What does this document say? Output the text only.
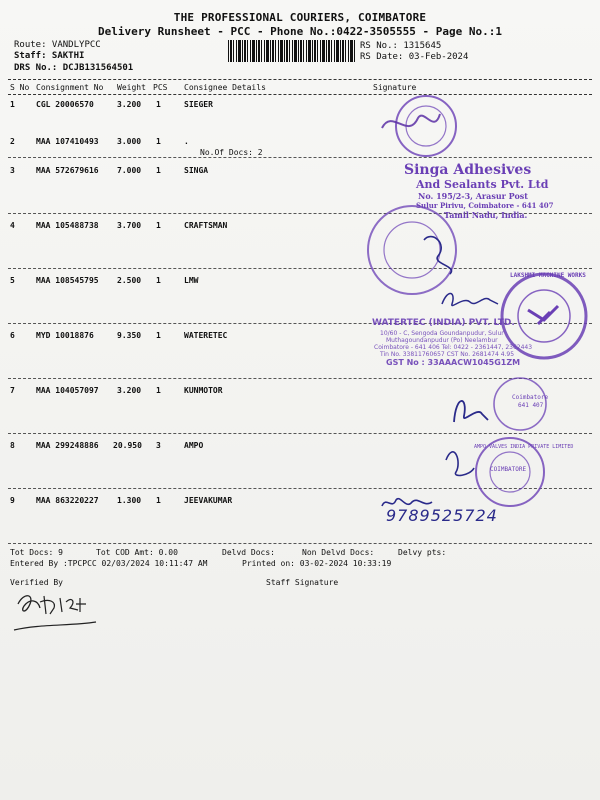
THE PROFESSIONAL COURIERS, COIMBATORE
Delivery Runsheet - PCC - Phone No.:0422-3505555 - Page No.:1
Route: VANDLYPCC
Staff: SAKTHI
DRS No.: DCJB131564501
RS No.: 1315645
RS Date: 03-Feb-2024
S No Consignment No Weight PCS Consignee Details	Signature
1	CGL 20006570	3.200 1	SIEGER
2	MAA 107410493 3.000 1	.
No.Of Docs: 2
3	MAA 572679616 7.000 1	SINGA
4	MAA 105488738 3.700 1	CRAFTSMAN
5	MAA 108545795 2.500 1	LMW
6	MYD 10018876	9.350 1	WATERETEC
7	MAA 104057097 3.200 1	KUNMOTOR
8	MAA 299248886 20.950 3	AMPO
9	MAA 863220227 1.300 1	JEEVAKUMAR
Tot Docs: 9	Tot COD Amt: 0.00	Delvd Docs:	Non Delvd Docs:	Delvy pts:
Entered By :TPCPCC 02/03/2024 10:11:47 AM	Printed on: 03-02-2024 10:33:19
Verified By	Staff Signature
Singa Adhesives
And Sealants Pvt. Ltd
No. 195/2-3, Arasur Post
Sulur Pirivu, Coimbatore - 641 407
Tamil Nadu, India.
LAKSHMI MACHINE WORKS
WATERTEC (INDIA) PVT. LTD.
10/60 - C, Sengoda Goundanpudur, Sulur
Muthagoundanpudur (Po) Neelambur
Coimbatore - 641 406 Tel: 0422 - 2361447, 2362443
Tin No. 33811760657 CST No. 2681474 4.95
GST No : 33AAACW1045G1ZM
Coimbatore
641 407
AMPO VALVES INDIA PRIVATE LIMITED
COIMBATORE
9789525724
